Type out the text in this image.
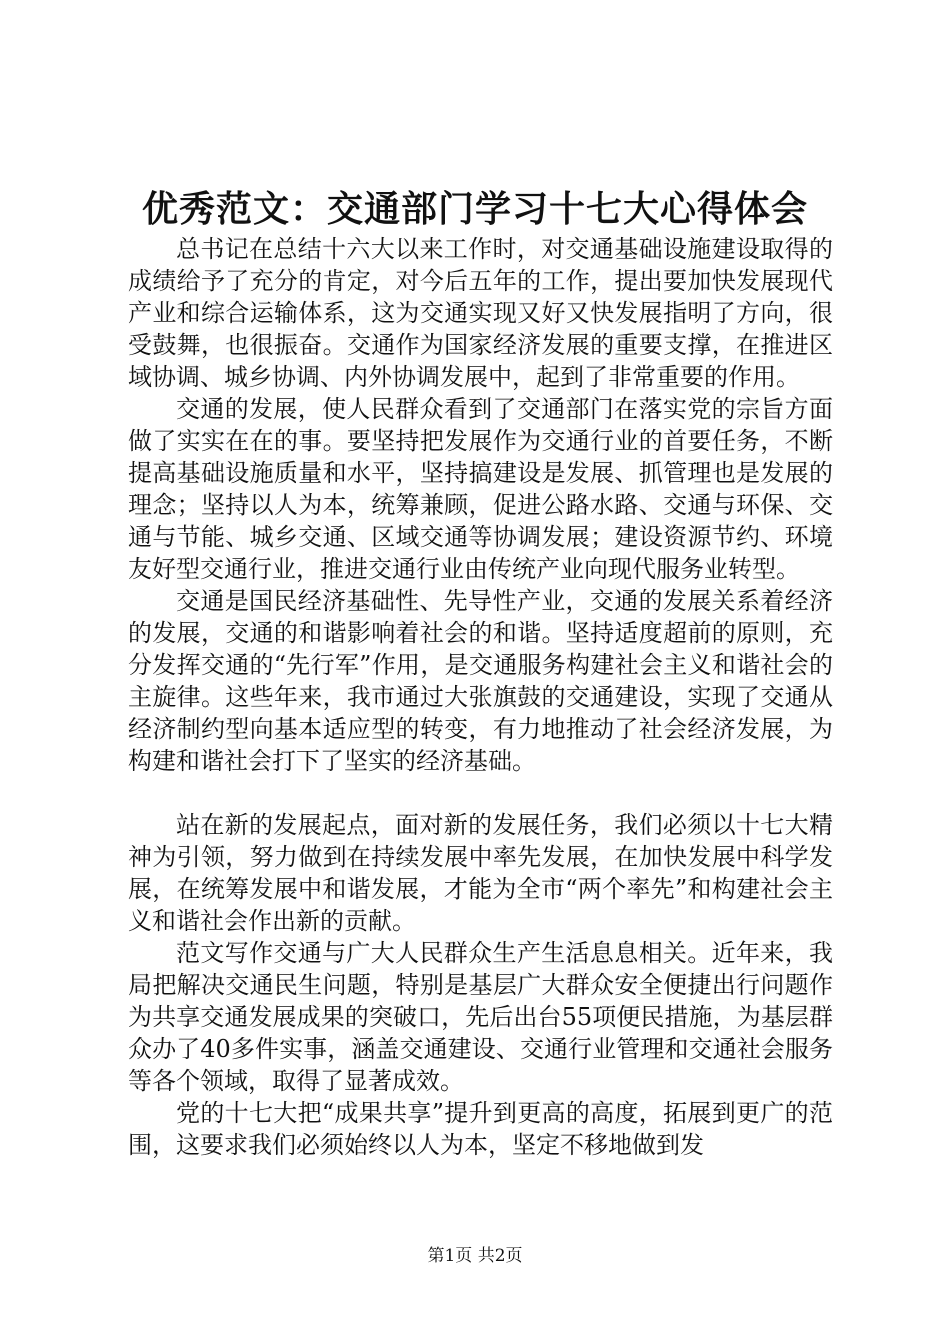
优秀范文：交通部门学习十七大心得体会

总书记在总结十六大以来工作时，对交通基础设施建设取得的成绩给予了充分的肯定，对今后五年的工作，提出要加快发展现代产业和综合运输体系，这为交通实现又好又快发展指明了方向，很受鼓舞，也很振奋。交通作为国家经济发展的重要支撑，在推进区域协调、城乡协调、内外协调发展中，起到了非常重要的作用。

交通的发展，使人民群众看到了交通部门在落实党的宗旨方面做了实实在在的事。要坚持把发展作为交通行业的首要任务，不断提高基础设施质量和水平，坚持搞建设是发展、抓管理也是发展的理念；坚持以人为本，统筹兼顾，促进公路水路、交通与环保、交通与节能、城乡交通、区域交通等协调发展；建设资源节约、环境友好型交通行业，推进交通行业由传统产业向现代服务业转型。

交通是国民经济基础性、先导性产业，交通的发展关系着经济的发展，交通的和谐影响着社会的和谐。坚持适度超前的原则，充分发挥交通的“先行军”作用，是交通服务构建社会主义和谐社会的主旋律。这些年来，我市通过大张旗鼓的交通建设，实现了交通从经济制约型向基本适应型的转变，有力地推动了社会经济发展，为构建和谐社会打下了坚实的经济基础。

站在新的发展起点，面对新的发展任务，我们必须以十七大精神为引领，努力做到在持续发展中率先发展，在加快发展中科学发展，在统筹发展中和谐发展，才能为全市“两个率先”和构建社会主义和谐社会作出新的贡献。

范文写作交通与广大人民群众生产生活息息相关。近年来，我局把解决交通民生问题，特别是基层广大群众安全便捷出行问题作为共享交通发展成果的突破口，先后出台55项便民措施，为基层群众办了40多件实事，涵盖交通建设、交通行业管理和交通社会服务等各个领域，取得了显著成效。

党的十七大把“成果共享”提升到更高的高度，拓展到更广的范围，这要求我们必须始终以人为本，坚定不移地做到发

第1页 共2页
